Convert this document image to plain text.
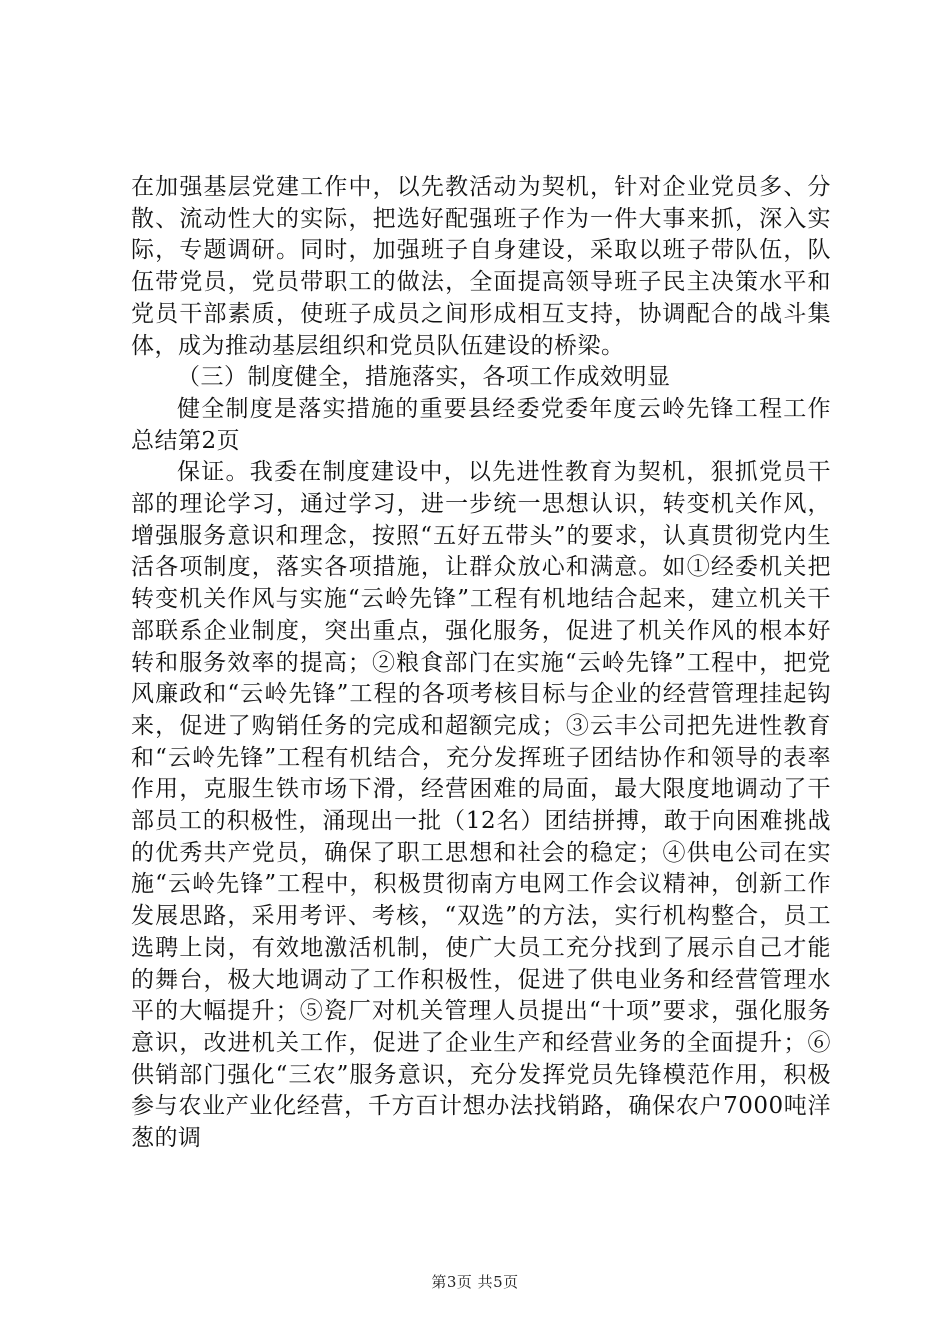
在加强基层党建工作中，以先教活动为契机，针对企业党员多、分散、流动性大的实际，把选好配强班子作为一件大事来抓，深入实际，专题调研。同时，加强班子自身建设，采取以班子带队伍，队伍带党员，党员带职工的做法，全面提高领导班子民主决策水平和党员干部素质，使班子成员之间形成相互支持，协调配合的战斗集体，成为推动基层组织和党员队伍建设的桥梁。

（三）制度健全，措施落实，各项工作成效明显

健全制度是落实措施的重要县经委党委年度云岭先锋工程工作总结第2页

保证。我委在制度建设中，以先进性教育为契机，狠抓党员干部的理论学习，通过学习，进一步统一思想认识，转变机关作风，增强服务意识和理念，按照“五好五带头”的要求，认真贯彻党内生活各项制度，落实各项措施，让群众放心和满意。如①经委机关把转变机关作风与实施“云岭先锋”工程有机地结合起来，建立机关干部联系企业制度，突出重点，强化服务，促进了机关作风的根本好转和服务效率的提高；②粮食部门在实施“云岭先锋”工程中，把党风廉政和“云岭先锋”工程的各项考核目标与企业的经营管理挂起钩来，促进了购销任务的完成和超额完成；③云丰公司把先进性教育和“云岭先锋”工程有机结合，充分发挥班子团结协作和领导的表率作用，克服生铁市场下滑，经营困难的局面，最大限度地调动了干部员工的积极性，涌现出一批（12名）团结拼搏，敢于向困难挑战的优秀共产党员，确保了职工思想和社会的稳定；④供电公司在实施“云岭先锋”工程中，积极贯彻南方电网工作会议精神，创新工作发展思路，采用考评、考核，“双选”的方法，实行机构整合，员工选聘上岗，有效地激活机制，使广大员工充分找到了展示自己才能的舞台，极大地调动了工作积极性，促进了供电业务和经营管理水平的大幅提升；⑤瓷厂对机关管理人员提出“十项”要求，强化服务意识，改进机关工作，促进了企业生产和经营业务的全面提升；⑥供销部门强化“三农”服务意识，充分发挥党员先锋模范作用，积极参与农业产业化经营，千方百计想办法找销路，确保农户7000吨洋葱的调

第3页 共5页
